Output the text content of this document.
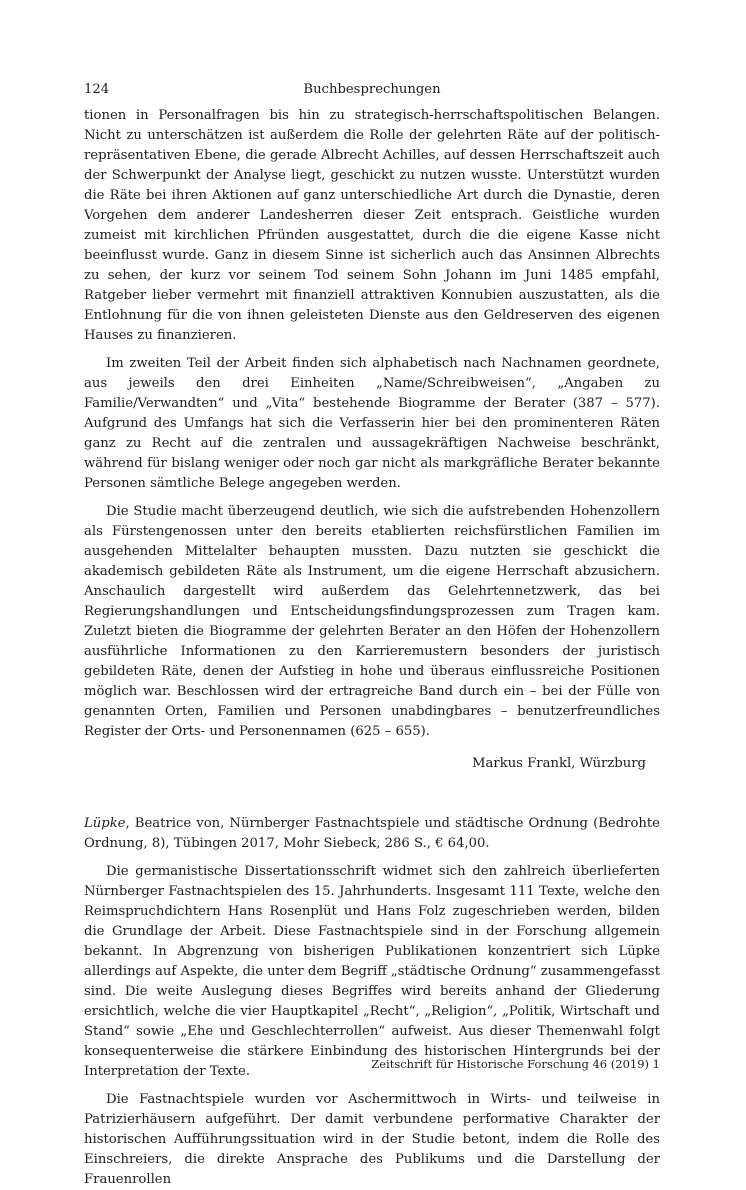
124	Buchbesprechungen

tionen in Personalfragen bis hin zu strategisch-herrschaftspolitischen Belangen. Nicht zu unterschätzen ist außerdem die Rolle der gelehrten Räte auf der politisch-repräsentativen Ebene, die gerade Albrecht Achilles, auf dessen Herrschaftszeit auch der Schwerpunkt der Analyse liegt, geschickt zu nutzen wusste. Unterstützt wurden die Räte bei ihren Aktionen auf ganz unterschiedliche Art durch die Dynastie, deren Vorgehen dem anderer Landesherren dieser Zeit entsprach. Geistliche wurden zumeist mit kirchlichen Pfründen ausgestattet, durch die die eigene Kasse nicht beeinflusst wurde. Ganz in diesem Sinne ist sicherlich auch das Ansinnen Albrechts zu sehen, der kurz vor seinem Tod seinem Sohn Johann im Juni 1485 empfahl, Ratgeber lieber vermehrt mit finanziell attraktiven Konnubien auszustatten, als die Entlohnung für die von ihnen geleisteten Dienste aus den Geldreserven des eigenen Hauses zu finanzieren.

Im zweiten Teil der Arbeit finden sich alphabetisch nach Nachnamen geordnete, aus jeweils den drei Einheiten „Name/Schreibweisen“, „Angaben zu Familie/Verwandten“ und „Vita“ bestehende Biogramme der Berater (387 – 577). Aufgrund des Umfangs hat sich die Verfasserin hier bei den prominenteren Räten ganz zu Recht auf die zentralen und aussagekräftigen Nachweise beschränkt, während für bislang weniger oder noch gar nicht als markgräfliche Berater bekannte Personen sämtliche Belege angegeben werden.

Die Studie macht überzeugend deutlich, wie sich die aufstrebenden Hohenzollern als Fürstengenossen unter den bereits etablierten reichsfürstlichen Familien im ausgehenden Mittelalter behaupten mussten. Dazu nutzten sie geschickt die akademisch gebildeten Räte als Instrument, um die eigene Herrschaft abzusichern. Anschaulich dargestellt wird außerdem das Gelehrtennetzwerk, das bei Regierungshandlungen und Entscheidungsfindungsprozessen zum Tragen kam. Zuletzt bieten die Biogramme der gelehrten Berater an den Höfen der Hohenzollern ausführliche Informationen zu den Karrieremustern besonders der juristisch gebildeten Räte, denen der Aufstieg in hohe und überaus einflussreiche Positionen möglich war. Beschlossen wird der ertragreiche Band durch ein – bei der Fülle von genannten Orten, Familien und Personen unabdingbares – benutzerfreundliches Register der Orts- und Personennamen (625 – 655).

Markus Frankl, Würzburg

Lüpke, Beatrice von, Nürnberger Fastnachtspiele und städtische Ordnung (Bedrohte Ordnung, 8), Tübingen 2017, Mohr Siebeck, 286 S., € 64,00.

Die germanistische Dissertationsschrift widmet sich den zahlreich überlieferten Nürnberger Fastnachtspielen des 15. Jahrhunderts. Insgesamt 111 Texte, welche den Reimspruchdichtern Hans Rosenplüt und Hans Folz zugeschrieben werden, bilden die Grundlage der Arbeit. Diese Fastnachtspiele sind in der Forschung allgemein bekannt. In Abgrenzung von bisherigen Publikationen konzentriert sich Lüpke allerdings auf Aspekte, die unter dem Begriff „städtische Ordnung“ zusammengefasst sind. Die weite Auslegung dieses Begriffes wird bereits anhand der Gliederung ersichtlich, welche die vier Hauptkapitel „Recht“, „Religion“, „Politik, Wirtschaft und Stand“ sowie „Ehe und Geschlechterrollen“ aufweist. Aus dieser Themenwahl folgt konsequenterweise die stärkere Einbindung des historischen Hintergrunds bei der Interpretation der Texte.

Die Fastnachtspiele wurden vor Aschermittwoch in Wirts- und teilweise in Patrizierhäusern aufgeführt. Der damit verbundene performative Charakter der historischen Aufführungssituation wird in der Studie betont, indem die Rolle des Einschreiers, die direkte Ansprache des Publikums und die Darstellung der Frauenrollen

Zeitschrift für Historische Forschung 46 (2019) 1
